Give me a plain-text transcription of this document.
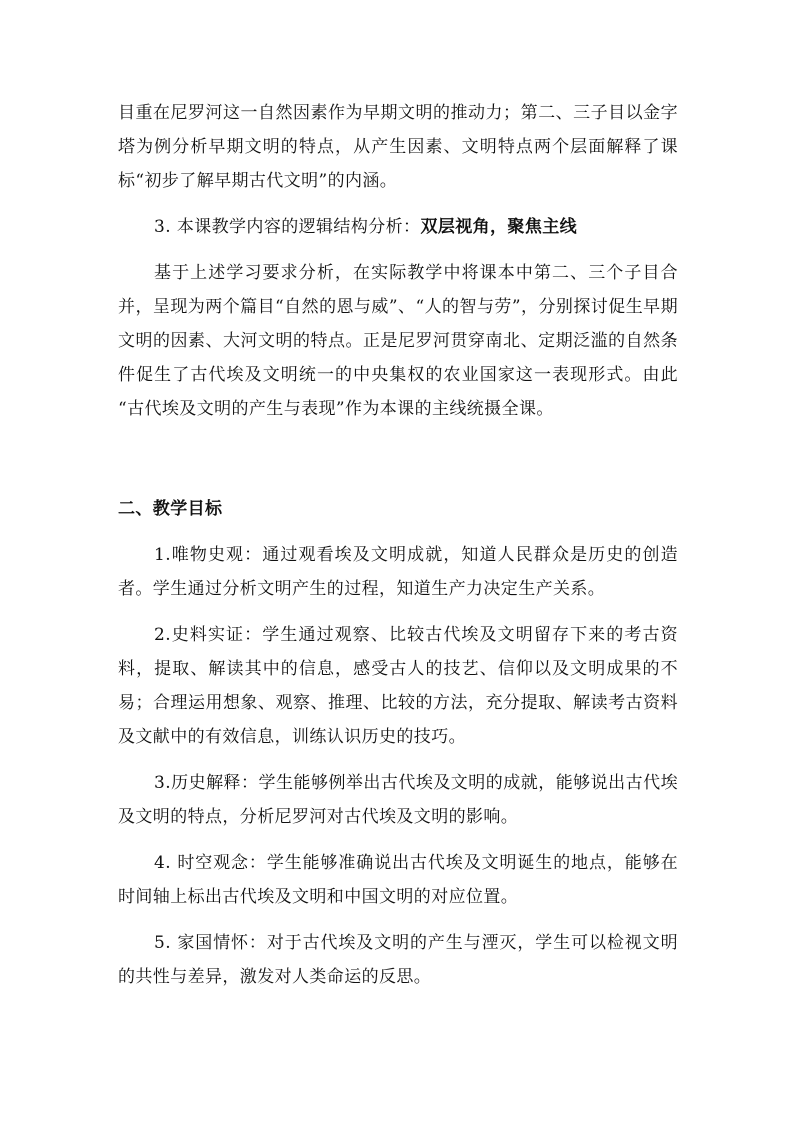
目重在尼罗河这一自然因素作为早期文明的推动力；第二、三子目以金字塔为例分析早期文明的特点，从产生因素、文明特点两个层面解释了课标“初步了解早期古代文明”的内涵。

3. 本课教学内容的逻辑结构分析：双层视角，聚焦主线

基于上述学习要求分析，在实际教学中将课本中第二、三个子目合并，呈现为两个篇目“自然的恩与威”、“人的智与劳”，分别探讨促生早期文明的因素、大河文明的特点。正是尼罗河贯穿南北、定期泛滥的自然条件促生了古代埃及文明统一的中央集权的农业国家这一表现形式。由此 “古代埃及文明的产生与表现”作为本课的主线统摄全课。

二、教学目标

1.唯物史观：通过观看埃及文明成就，知道人民群众是历史的创造者。学生通过分析文明产生的过程，知道生产力决定生产关系。

2.史料实证：学生通过观察、比较古代埃及文明留存下来的考古资料，提取、解读其中的信息，感受古人的技艺、信仰以及文明成果的不易；合理运用想象、观察、推理、比较的方法，充分提取、解读考古资料及文献中的有效信息，训练认识历史的技巧。

3.历史解释：学生能够例举出古代埃及文明的成就，能够说出古代埃及文明的特点，分析尼罗河对古代埃及文明的影响。

4. 时空观念：学生能够准确说出古代埃及文明诞生的地点，能够在时间轴上标出古代埃及文明和中国文明的对应位置。

5. 家国情怀：对于古代埃及文明的产生与湮灭，学生可以检视文明的共性与差异，激发对人类命运的反思。
